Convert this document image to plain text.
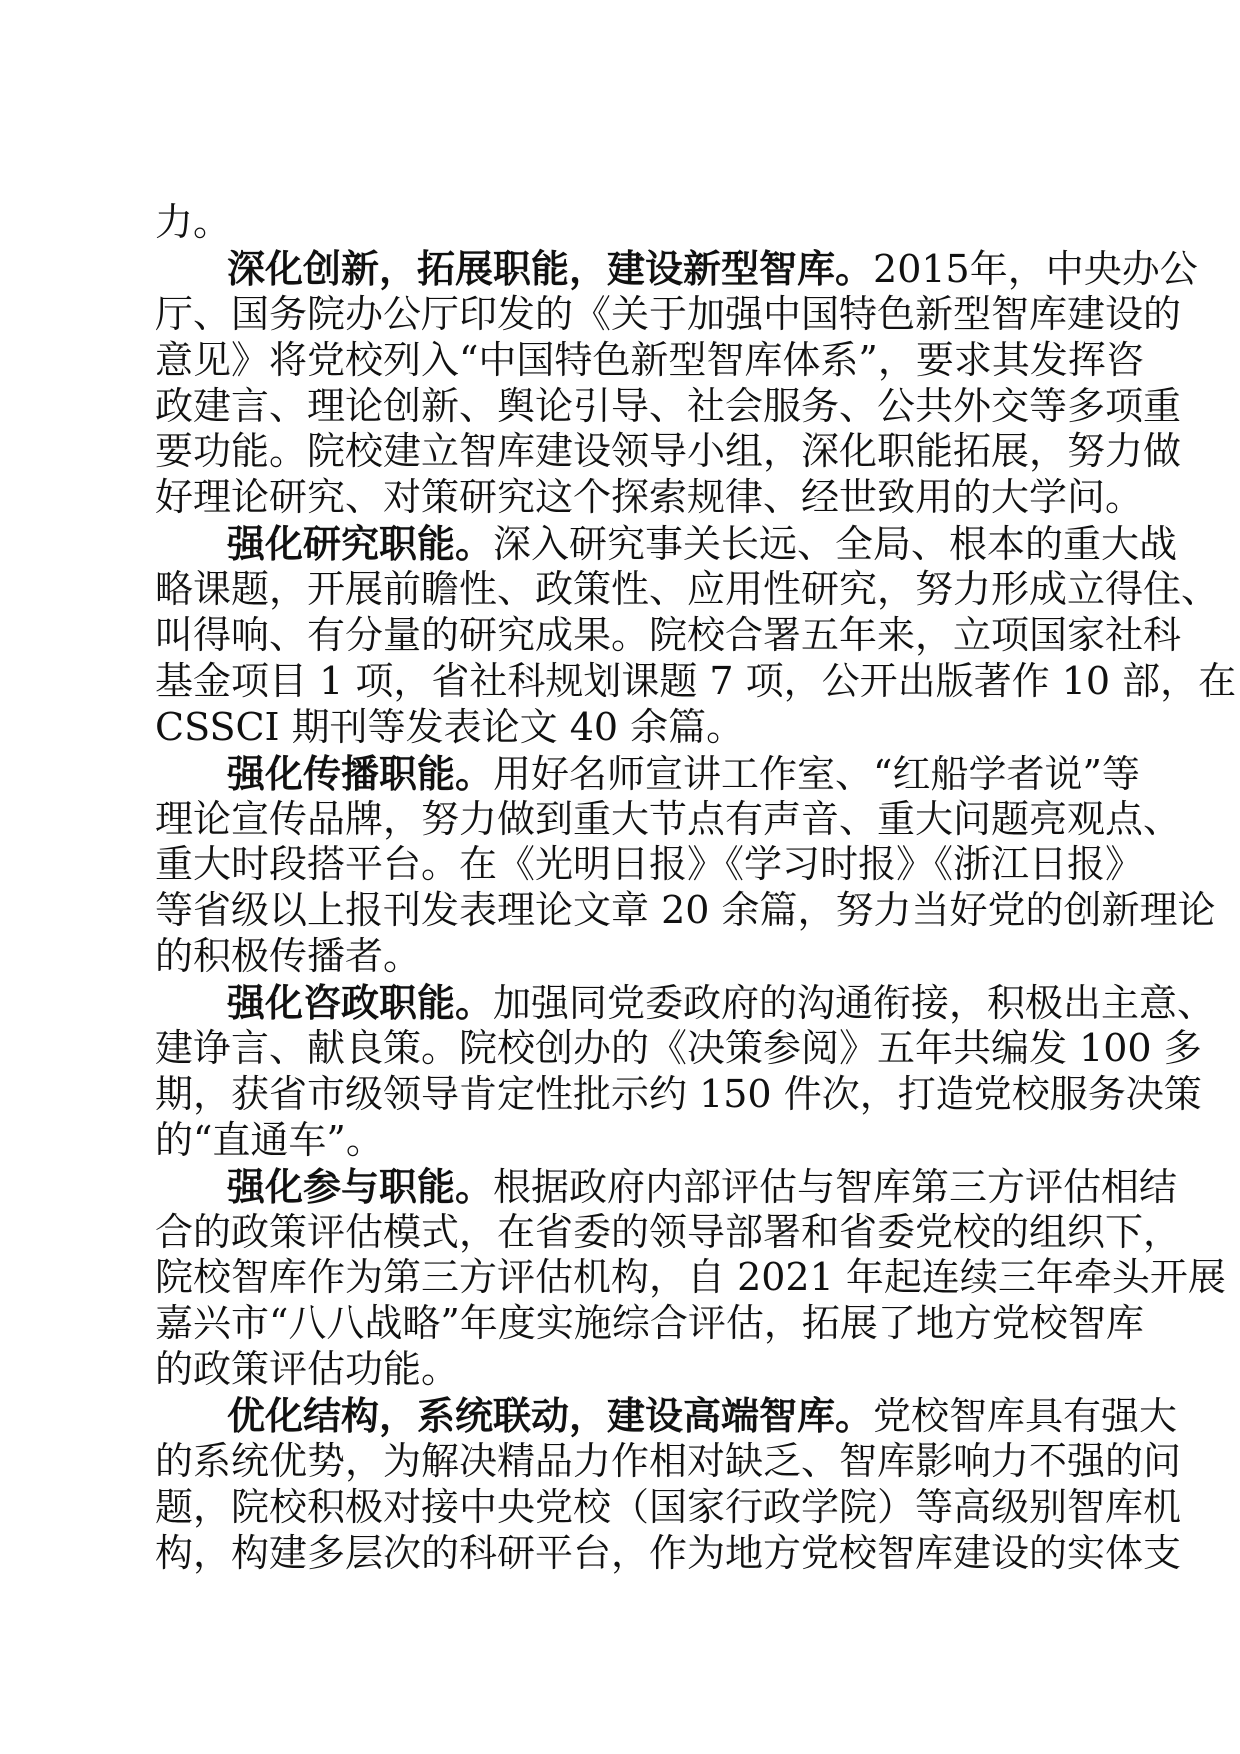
力。
深化创新，拓展职能，建设新型智库。2015年，中央办公
厅、国务院办公厅印发的《关于加强中国特色新型智库建设的
意见》将党校列入“中国特色新型智库体系”，要求其发挥咨
政建言、理论创新、舆论引导、社会服务、公共外交等多项重
要功能。院校建立智库建设领导小组，深化职能拓展，努力做
好理论研究、对策研究这个探索规律、经世致用的大学问。
强化研究职能。深入研究事关长远、全局、根本的重大战
略课题，开展前瞻性、政策性、应用性研究，努力形成立得住、
叫得响、有分量的研究成果。院校合署五年来，立项国家社科
基金项目 1 项，省社科规划课题 7 项，公开出版著作 10 部，在
CSSCI 期刊等发表论文 40 余篇。
强化传播职能。用好名师宣讲工作室、“红船学者说”等
理论宣传品牌，努力做到重大节点有声音、重大问题亮观点、
重大时段搭平台。在《光明日报》《学习时报》《浙江日报》
等省级以上报刊发表理论文章 20 余篇，努力当好党的创新理论
的积极传播者。
强化咨政职能。加强同党委政府的沟通衔接，积极出主意、
建诤言、献良策。院校创办的《决策参阅》五年共编发 100 多
期，获省市级领导肯定性批示约 150 件次，打造党校服务决策
的“直通车”。
强化参与职能。根据政府内部评估与智库第三方评估相结
合的政策评估模式，在省委的领导部署和省委党校的组织下，
院校智库作为第三方评估机构，自 2021 年起连续三年牵头开展
嘉兴市“八八战略”年度实施综合评估，拓展了地方党校智库
的政策评估功能。
优化结构，系统联动，建设高端智库。党校智库具有强大
的系统优势，为解决精品力作相对缺乏、智库影响力不强的问
题，院校积极对接中央党校（国家行政学院）等高级别智库机
构，构建多层次的科研平台，作为地方党校智库建设的实体支
